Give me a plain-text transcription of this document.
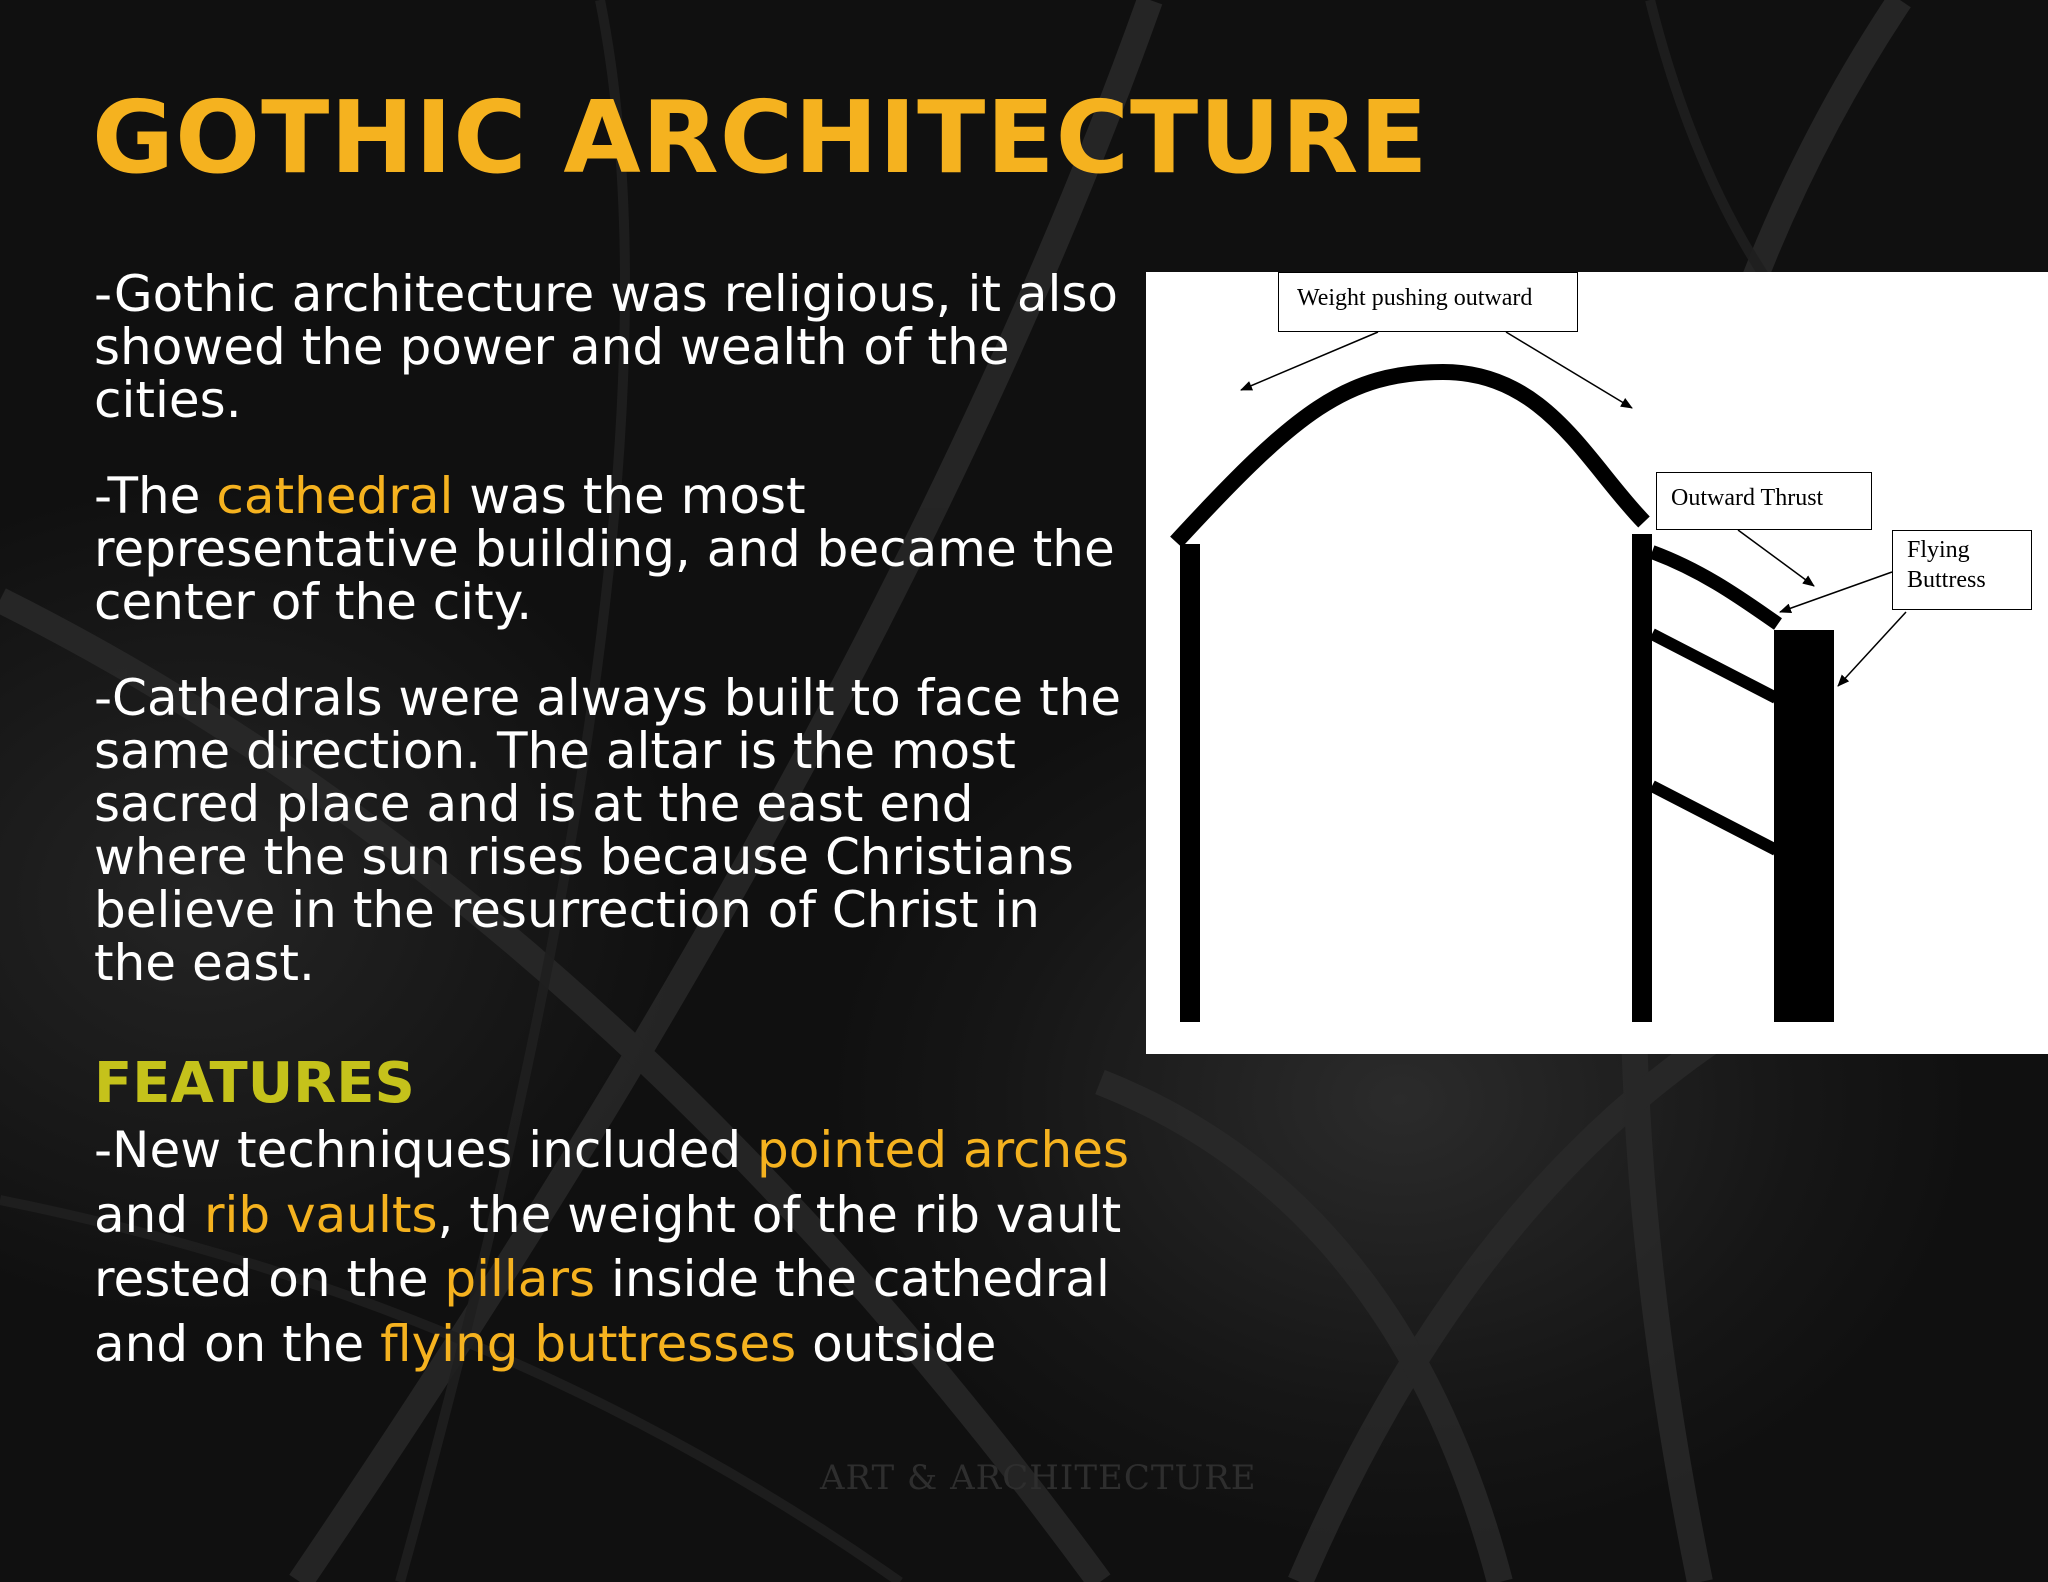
GOTHIC ARCHITECTURE

-Gothic architecture was religious, it also showed the power and wealth of the cities.

-The cathedral was the most representative building, and became the center of the city.

-Cathedrals were always built to face the same direction. The altar is the most sacred place and is at the east end where the sun rises because Christians believe in the resurrection of Christ in the east.

FEATURES

-New techniques included pointed arches and rib vaults, the weight of the rib vault rested on the pillars inside the cathedral and on the flying buttresses outside

ART & ARCHITECTURE
Weight pushing outward
Outward Thrust
Flying
Buttress
